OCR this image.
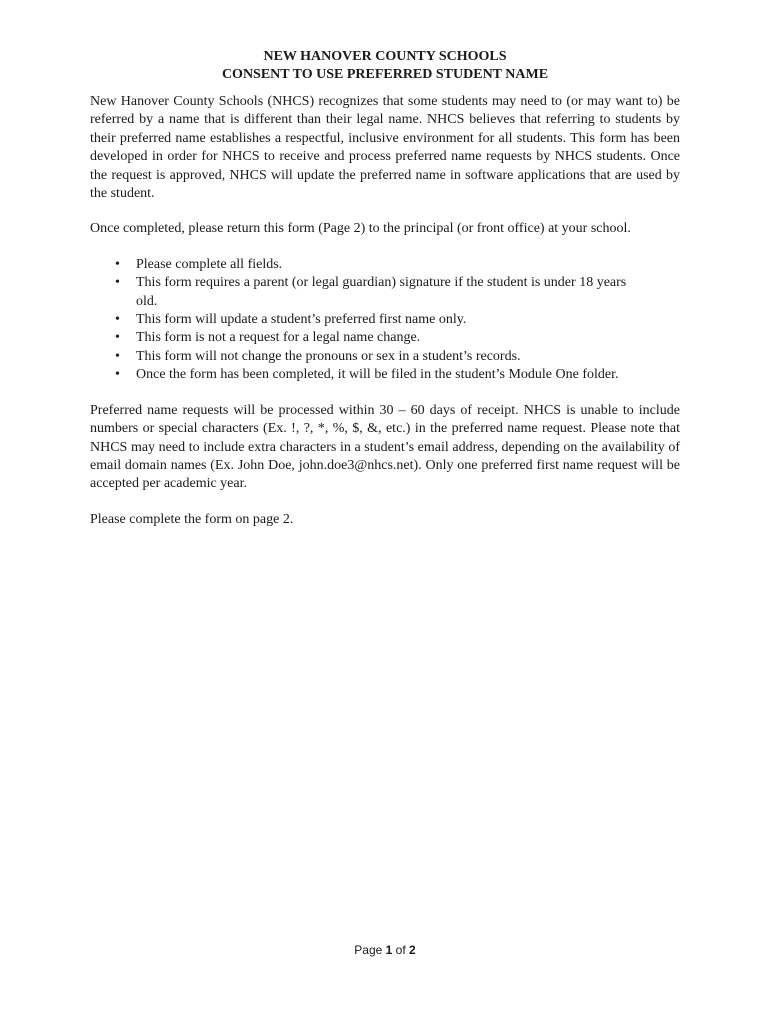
NEW HANOVER COUNTY SCHOOLS
CONSENT TO USE PREFERRED STUDENT NAME

New Hanover County Schools (NHCS) recognizes that some students may need to (or may want to) be referred by a name that is different than their legal name. NHCS believes that referring to students by their preferred name establishes a respectful, inclusive environment for all students. This form has been developed in order for NHCS to receive and process preferred name requests by NHCS students. Once the request is approved, NHCS will update the preferred name in software applications that are used by the student.

Once completed, please return this form (Page 2) to the principal (or front office) at your school.

• Please complete all fields.
• This form requires a parent (or legal guardian) signature if the student is under 18 years old.
• This form will update a student’s preferred first name only.
• This form is not a request for a legal name change.
• This form will not change the pronouns or sex in a student’s records.
• Once the form has been completed, it will be filed in the student’s Module One folder.

Preferred name requests will be processed within 30 – 60 days of receipt. NHCS is unable to include numbers or special characters (Ex. !, ?, *, %, $, &, etc.) in the preferred name request. Please note that NHCS may need to include extra characters in a student’s email address, depending on the availability of email domain names (Ex. John Doe, john.doe3@nhcs.net). Only one preferred first name request will be accepted per academic year.

Please complete the form on page 2.

Page 1 of 2
